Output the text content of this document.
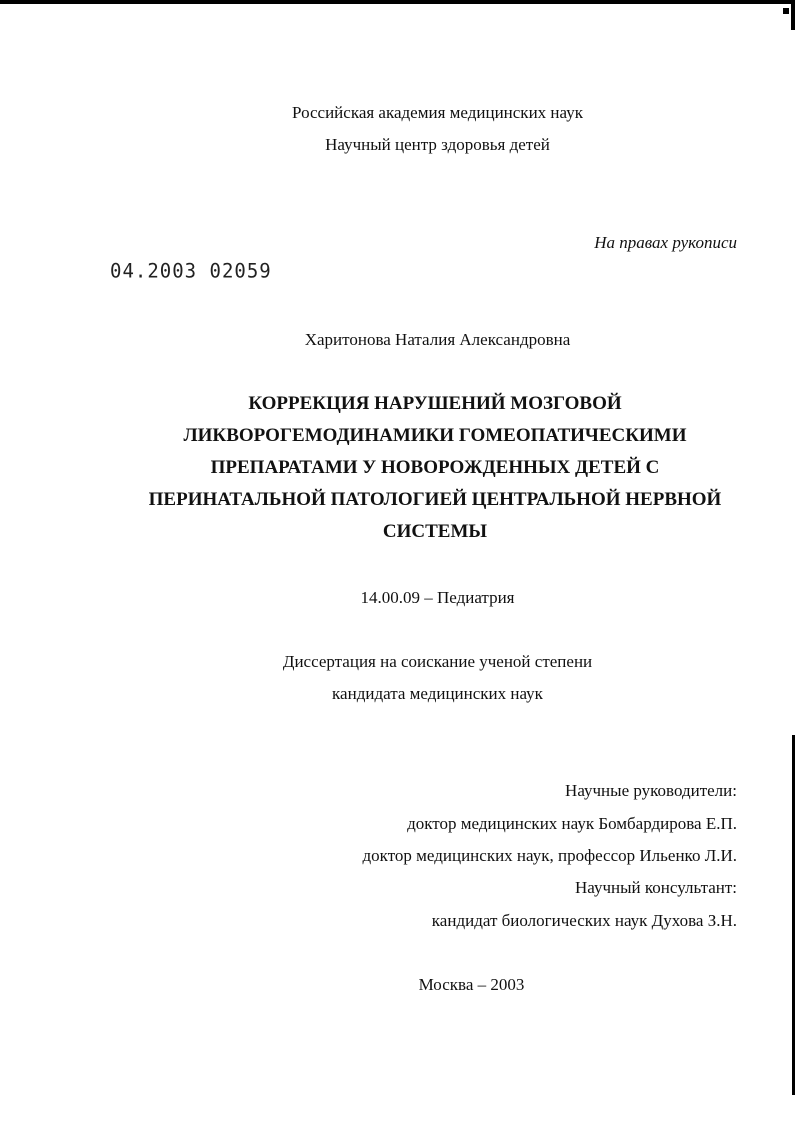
Российская академия медицинских наук
Научный центр здоровья детей
На правах рукописи
04.2003 02059
Харитонова Наталия Александровна
КОРРЕКЦИЯ НАРУШЕНИЙ МОЗГОВОЙ
ЛИКВОРОГЕМОДИНАМИКИ ГОМЕОПАТИЧЕСКИМИ
ПРЕПАРАТАМИ У НОВОРОЖДЕННЫХ ДЕТЕЙ С
ПЕРИНАТАЛЬНОЙ ПАТОЛОГИЕЙ ЦЕНТРАЛЬНОЙ НЕРВНОЙ
СИСТЕМЫ
14.00.09 – Педиатрия
Диссертация на соискание ученой степени
кандидата медицинских наук
Научные руководители:
доктор медицинских наук Бомбардирова Е.П.
доктор медицинских наук, профессор Ильенко Л.И.
Научный консультант:
кандидат биологических наук Духова З.Н.
Москва – 2003
